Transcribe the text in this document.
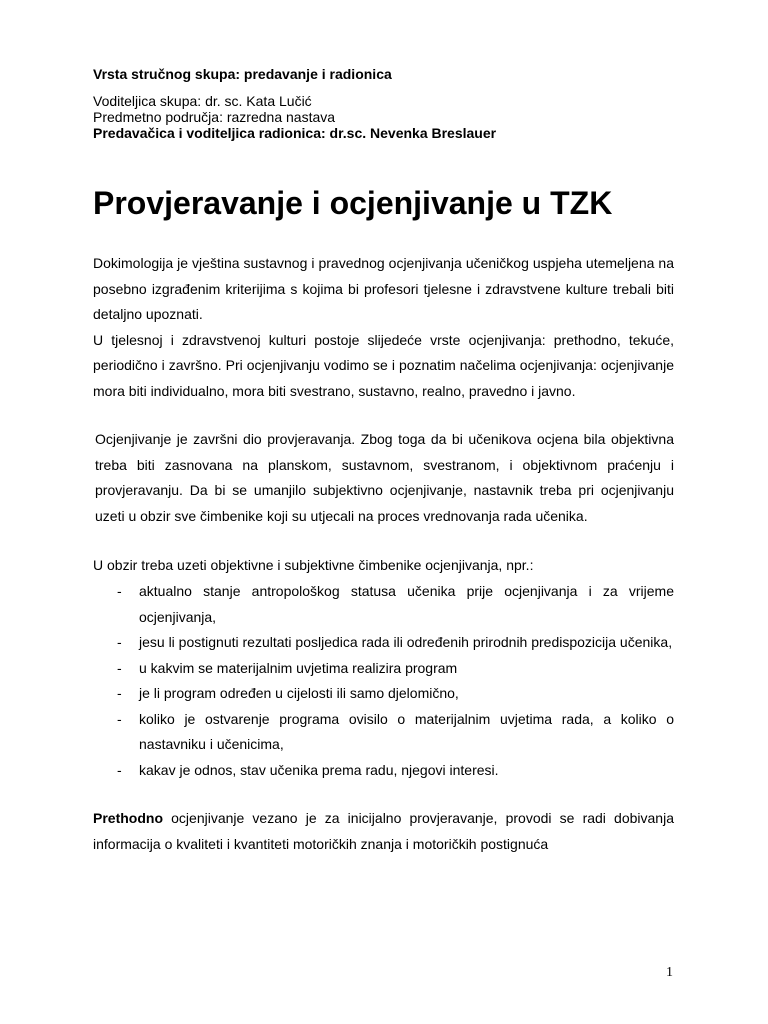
Vrsta stručnog skupa: predavanje i radionica
Voditeljica skupa: dr. sc. Kata Lučić
Predmetno područja: razredna nastava
Predavačica i voditeljica radionica: dr.sc. Nevenka Breslauer
Provjeravanje i ocjenjivanje u TZK

Dokimologija je vještina sustavnog i pravednog ocjenjivanja učeničkog uspjeha utemeljena na posebno izgrađenim kriterijima s kojima bi profesori tjelesne i zdravstvene kulture trebali biti detaljno upoznati.

U tjelesnoj i zdravstvenoj kulturi postoje slijedeće vrste ocjenjivanja: prethodno, tekuće, periodično i završno. Pri ocjenjivanju vodimo se i poznatim načelima ocjenjivanja: ocjenjivanje mora biti individualno, mora biti svestrano, sustavno, realno, pravedno i javno.

Ocjenjivanje je završni dio provjeravanja. Zbog toga da bi učenikova ocjena bila objektivna treba biti zasnovana na planskom, sustavnom, svestranom, i objektivnom praćenju i provjeravanju. Da bi se umanjilo subjektivno ocjenjivanje, nastavnik treba pri ocjenjivanju uzeti u obzir sve čimbenike koji su utjecali na proces vrednovanja rada učenika.

U obzir treba uzeti objektivne i subjektivne čimbenike ocjenjivanja, npr.:

- aktualno stanje antropološkog statusa učenika prije ocjenjivanja i za vrijeme ocjenjivanja,
- jesu li postignuti rezultati posljedica rada ili određenih prirodnih predispozicija učenika,
- u kakvim se materijalnim uvjetima realizira program
- je li program određen u cijelosti ili samo djelomično,
- koliko je ostvarenje programa ovisilo o materijalnim uvjetima rada, a koliko o nastavniku i učenicima,
- kakav je odnos, stav učenika prema radu, njegovi interesi.

Prethodno ocjenjivanje vezano je za inicijalno provjeravanje, provodi se radi dobivanja informacija o kvaliteti i kvantiteti motoričkih znanja i motoričkih postignuća

1
